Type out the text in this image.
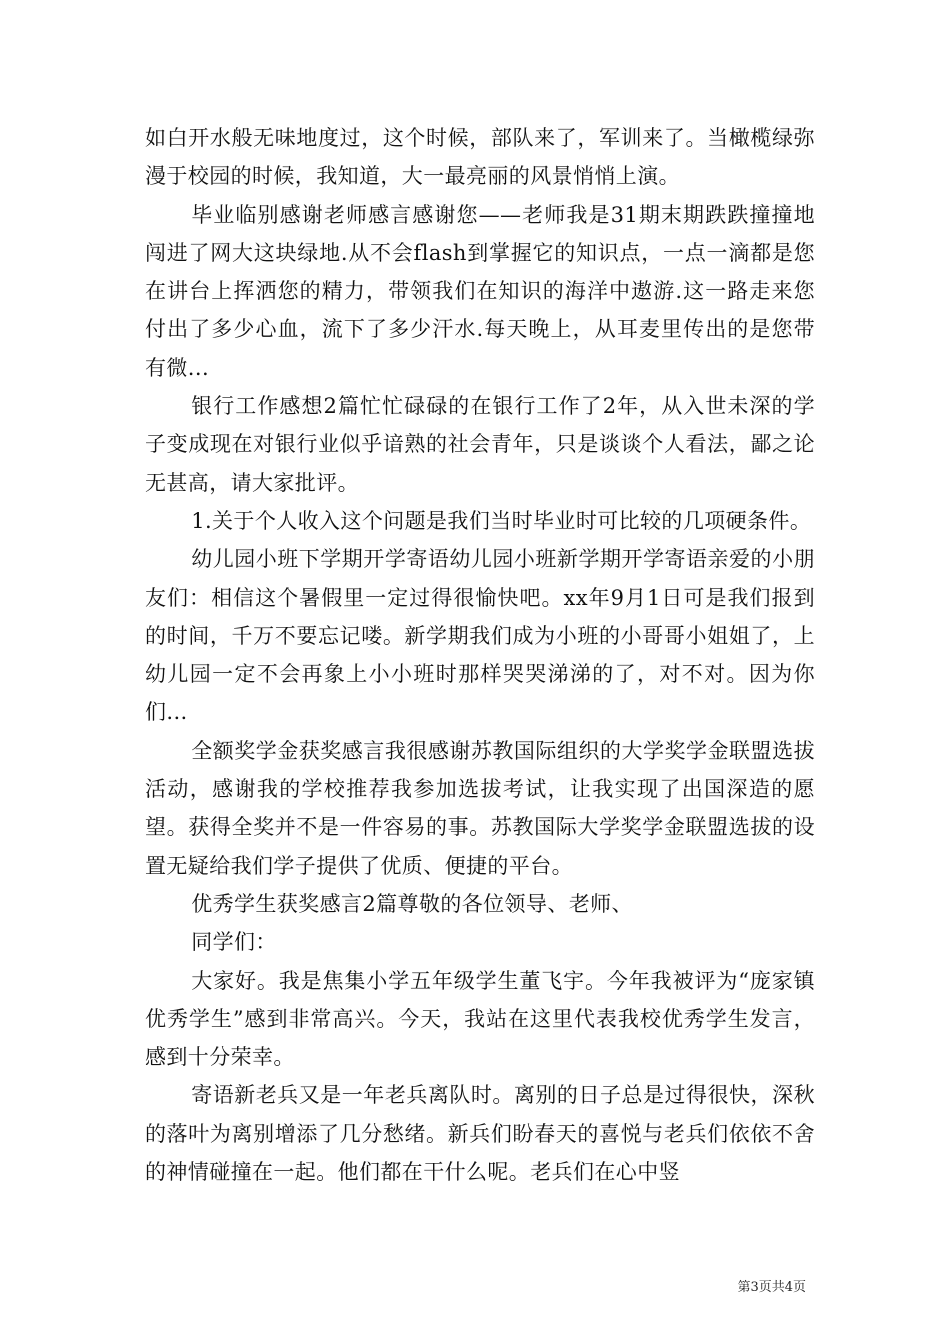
如白开水般无味地度过，这个时候，部队来了，军训来了。当橄榄绿弥漫于校园的时候，我知道，大一最亮丽的风景悄悄上演。

毕业临别感谢老师感言感谢您——老师我是31期末期跌跌撞撞地闯进了网大这块绿地.从不会flash到掌握它的知识点，一点一滴都是您在讲台上挥洒您的精力，带领我们在知识的海洋中遨游.这一路走来您付出了多少心血，流下了多少汗水.每天晚上，从耳麦里传出的是您带有微...

银行工作感想2篇忙忙碌碌的在银行工作了2年，从入世未深的学子变成现在对银行业似乎谙熟的社会青年，只是谈谈个人看法，鄙之论无甚高，请大家批评。

1.关于个人收入这个问题是我们当时毕业时可比较的几项硬条件。

幼儿园小班下学期开学寄语幼儿园小班新学期开学寄语亲爱的小朋友们：相信这个暑假里一定过得很愉快吧。xx年9月1日可是我们报到的时间，千万不要忘记喽。新学期我们成为小班的小哥哥小姐姐了，上幼儿园一定不会再象上小小班时那样哭哭涕涕的了，对不对。因为你们...

全额奖学金获奖感言我很感谢苏教国际组织的大学奖学金联盟选拔活动，感谢我的学校推荐我参加选拔考试，让我实现了出国深造的愿望。获得全奖并不是一件容易的事。苏教国际大学奖学金联盟选拔的设置无疑给我们学子提供了优质、便捷的平台。

优秀学生获奖感言2篇尊敬的各位领导、老师、

同学们：

大家好。我是焦集小学五年级学生董飞宇。今年我被评为“庞家镇优秀学生”感到非常高兴。今天，我站在这里代表我校优秀学生发言，感到十分荣幸。

寄语新老兵又是一年老兵离队时。离别的日子总是过得很快，深秋的落叶为离别增添了几分愁绪。新兵们盼春天的喜悦与老兵们依依不舍的神情碰撞在一起。他们都在干什么呢。老兵们在心中竖

第3页共4页
